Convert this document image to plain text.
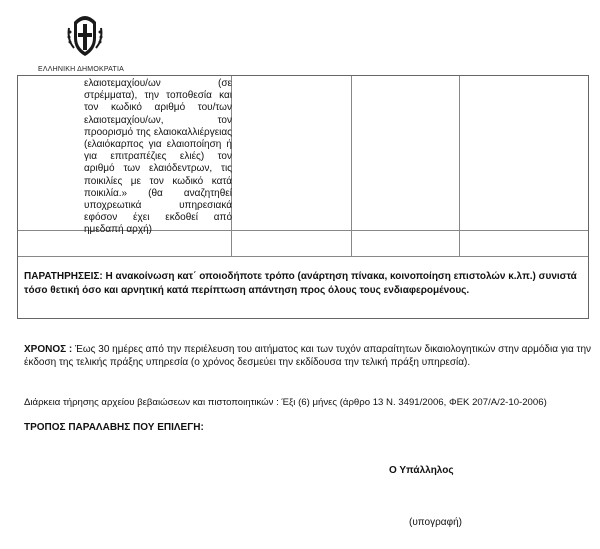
ΕΛΛΗΝΙΚΗ ΔΗΜΟΚΡΑΤΙΑ
ελαιοτεμαχίου/ων (σε στρέμματα), την τοποθεσία και τον κωδικό αριθμό του/των ελαιοτεμαχίου/ων, τον προορισμό της ελαιοκαλλιέργειας (ελαιόκαρπος για ελαιοποίηση ή για επιτραπέζιες ελιές) τον αριθμό των ελαιόδεντρων, τις ποικιλίες με τον κωδικό κατά ποικιλία.» (θα αναζητηθεί υποχρεωτικά υπηρεσιακά εφόσον έχει εκδοθεί από ημεδαπή αρχή)
ΠΑΡΑΤΗΡΗΣΕΙΣ: Η ανακοίνωση κατ΄ οποιοδήποτε τρόπο (ανάρτηση πίνακα, κοινοποίηση επιστολών κ.λπ.) συνιστά τόσο θετική όσο και αρνητική κατά περίπτωση απάντηση προς όλους τους ενδιαφερομένους.
ΧΡΟΝΟΣ : Έως 30 ημέρες από την περιέλευση του αιτήματος και των τυχόν απαραίτητων δικαιολογητικών στην αρμόδια για την έκδοση της τελικής πράξης υπηρεσία (ο χρόνος δεσμεύει την εκδίδουσα την τελική πράξη υπηρεσία).
Διάρκεια τήρησης αρχείου βεβαιώσεων και πιστοποιητικών : Έξι (6) μήνες (άρθρο 13 Ν. 3491/2006, ΦΕΚ 207/Α/2-10-2006)
ΤΡΟΠΟΣ ΠΑΡΑΛΑΒΗΣ ΠΟΥ ΕΠΙΛΕΓΗ:
Ο Υπάλληλος
(υπογραφή)
